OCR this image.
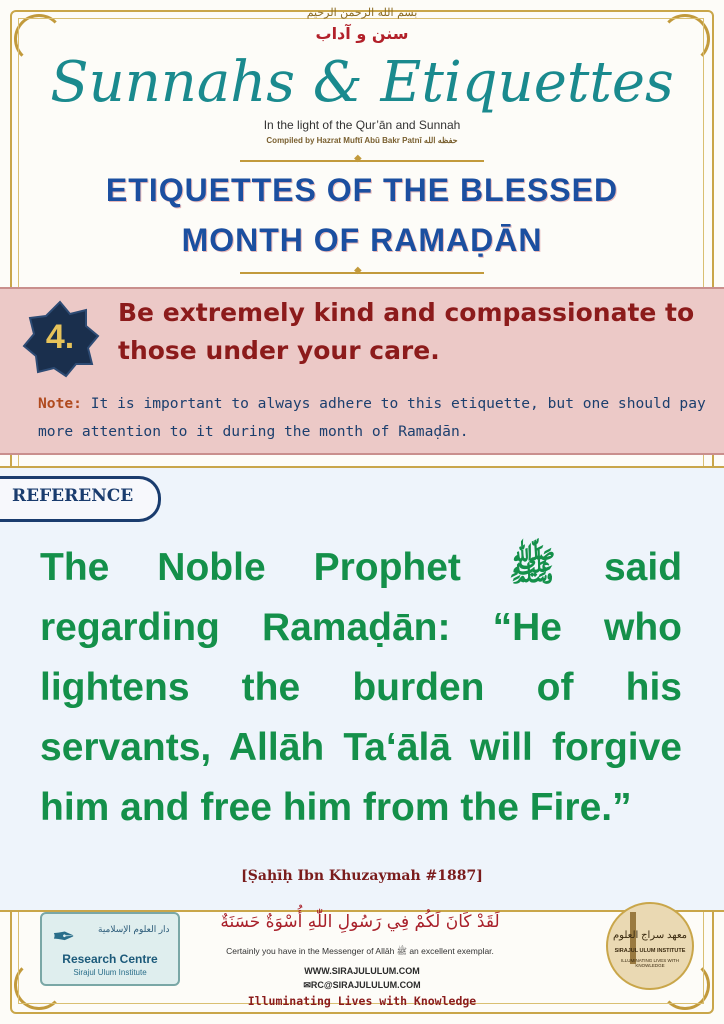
بسم الله الرحمن الرحيم
سنن و آداب
Sunnahs & Etiquettes
In the light of the Qur’ān and Sunnah
Compiled by Hazrat Muftī Abū Bakr Patnī حفظه الله
◆
ETIQUETTES OF THE BLESSED
MONTH OF RAMAḌĀN
◆
4.
Be extremely kind and compassionate to those under your care.
Note: It is important to always adhere to this etiquette, but one should pay more attention to it during the month of Ramaḍān.
REFERENCE
The Noble Prophet ﷺ said regarding Ramaḍān: “He who lightens the burden of his servants, Allāh Ta‘ālā will forgive him and free him from the Fire.”
[Ṣaḥīḥ Ibn Khuzaymah #1887]
✒	دار العلوم الإسلامية
Research Centre
Sirajul Ulum Institute
لَقَدْ كَانَ لَكُمْ فِي رَسُولِ اللّٰهِ أُسْوَةٌ حَسَنَةٌ
Certainly you have in the Messenger of Allāh ﷺ an excellent exemplar.
WWW.SIRAJULULUM.COM
✉RC@SIRAJULULUM.COM
Illuminating Lives with Knowledge
معهد سراج العلوم
SIRAJUL ULUM INSTITUTE
ILLUMINATING LIVES WITH KNOWLEDGE
